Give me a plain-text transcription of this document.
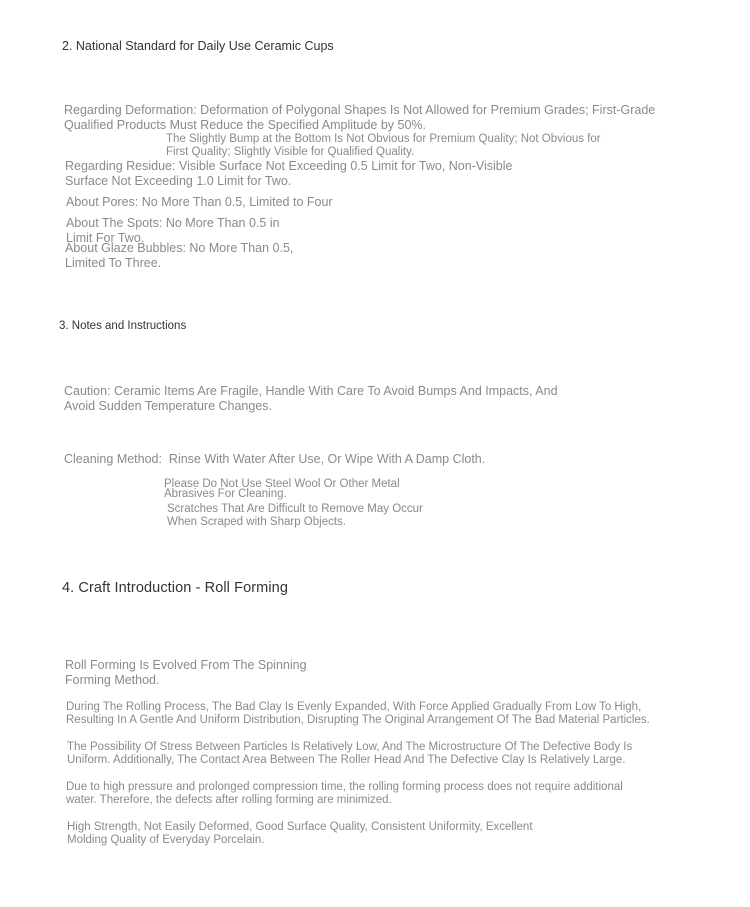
2. National Standard for Daily Use Ceramic Cups
Regarding Deformation: Deformation of Polygonal Shapes Is Not Allowed for Premium Grades; First-Grade
Qualified Products Must Reduce the Specified Amplitude by 50%.
The Slightly Bump at the Bottom Is Not Obvious for Premium Quality; Not Obvious for
First Quality; Slightly Visible for Qualified Quality.
Regarding Residue: Visible Surface Not Exceeding 0.5 Limit for Two, Non-Visible
Surface Not Exceeding 1.0 Limit for Two.
About Pores: No More Than 0.5, Limited to Four
About The Spots: No More Than 0.5 in
Limit For Two.
About Glaze Bubbles: No More Than 0.5,
Limited To Three.
3. Notes and Instructions
Caution: Ceramic Items Are Fragile, Handle With Care To Avoid Bumps And Impacts, And
Avoid Sudden Temperature Changes.
Cleaning Method:  Rinse With Water After Use, Or Wipe With A Damp Cloth.
Please Do Not Use Steel Wool Or Other Metal
Abrasives For Cleaning.
Scratches That Are Difficult to Remove May Occur
When Scraped with Sharp Objects.
4. Craft Introduction - Roll Forming
Roll Forming Is Evolved From The Spinning
Forming Method.
During The Rolling Process, The Bad Clay Is Evenly Expanded, With Force Applied Gradually From Low To High,
Resulting In A Gentle And Uniform Distribution, Disrupting The Original Arrangement Of The Bad Material Particles.
The Possibility Of Stress Between Particles Is Relatively Low, And The Microstructure Of The Defective Body Is
Uniform. Additionally, The Contact Area Between The Roller Head And The Defective Clay Is Relatively Large.
Due to high pressure and prolonged compression time, the rolling forming process does not require additional
water. Therefore, the defects after rolling forming are minimized.
High Strength, Not Easily Deformed, Good Surface Quality, Consistent Uniformity, Excellent
Molding Quality of Everyday Porcelain.
